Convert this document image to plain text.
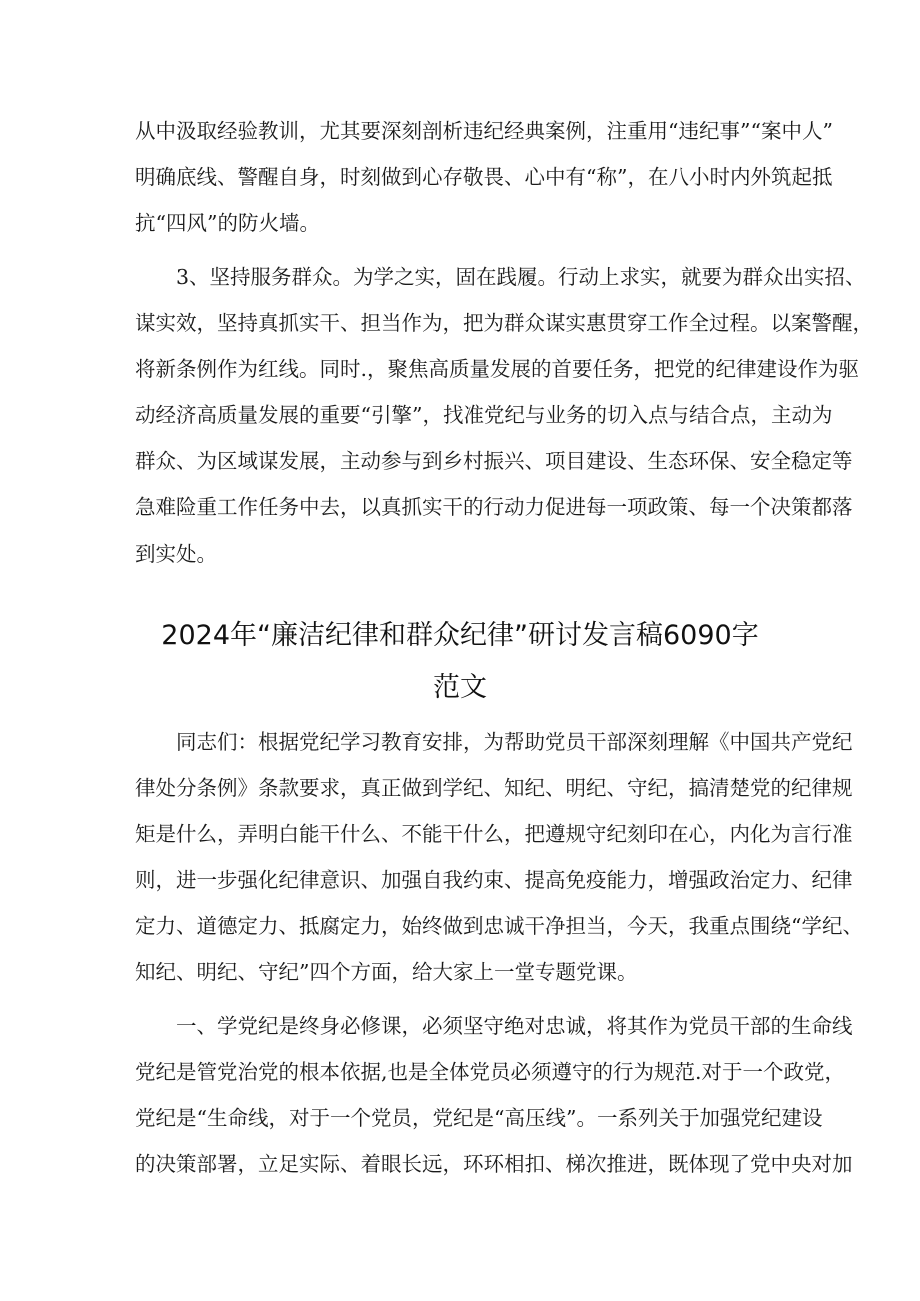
从中汲取经验教训，尤其要深刻剖析违纪经典案例，注重用“违纪事”“案中人”
明确底线、警醒自身，时刻做到心存敬畏、心中有“称”，在八小时内外筑起抵
抗“四风”的防火墙。
3、坚持服务群众。为学之实，固在践履。行动上求实，就要为群众出实招、
谋实效，坚持真抓实干、担当作为，把为群众谋实惠贯穿工作全过程。以案警醒，
将新条例作为红线。同时.，聚焦高质量发展的首要任务，把党的纪律建设作为驱
动经济高质量发展的重要“引擎”，找准党纪与业务的切入点与结合点，主动为
群众、为区域谋发展，主动参与到乡村振兴、项目建设、生态环保、安全稳定等
急难险重工作任务中去，以真抓实干的行动力促进每一项政策、每一个决策都落
到实处。
2024年“廉洁纪律和群众纪律”研讨发言稿6090字
范文
同志们：根据党纪学习教育安排，为帮助党员干部深刻理解《中国共产党纪
律处分条例》条款要求，真正做到学纪、知纪、明纪、守纪，搞清楚党的纪律规
矩是什么，弄明白能干什么、不能干什么，把遵规守纪刻印在心，内化为言行准
则，进一步强化纪律意识、加强自我约束、提高免疫能力，增强政治定力、纪律
定力、道德定力、抵腐定力，始终做到忠诚干净担当，今天，我重点围绕“学纪、
知纪、明纪、守纪”四个方面，给大家上一堂专题党课。
一、学党纪是终身必修课，必须坚守绝对忠诚，将其作为党员干部的生命线
党纪是管党治党的根本依据,也是全体党员必须遵守的行为规范.对于一个政党，
党纪是“生命线，对于一个党员，党纪是“高压线”。一系列关于加强党纪建设
的决策部署，立足实际、着眼长远，环环相扣、梯次推进，既体现了党中央对加
